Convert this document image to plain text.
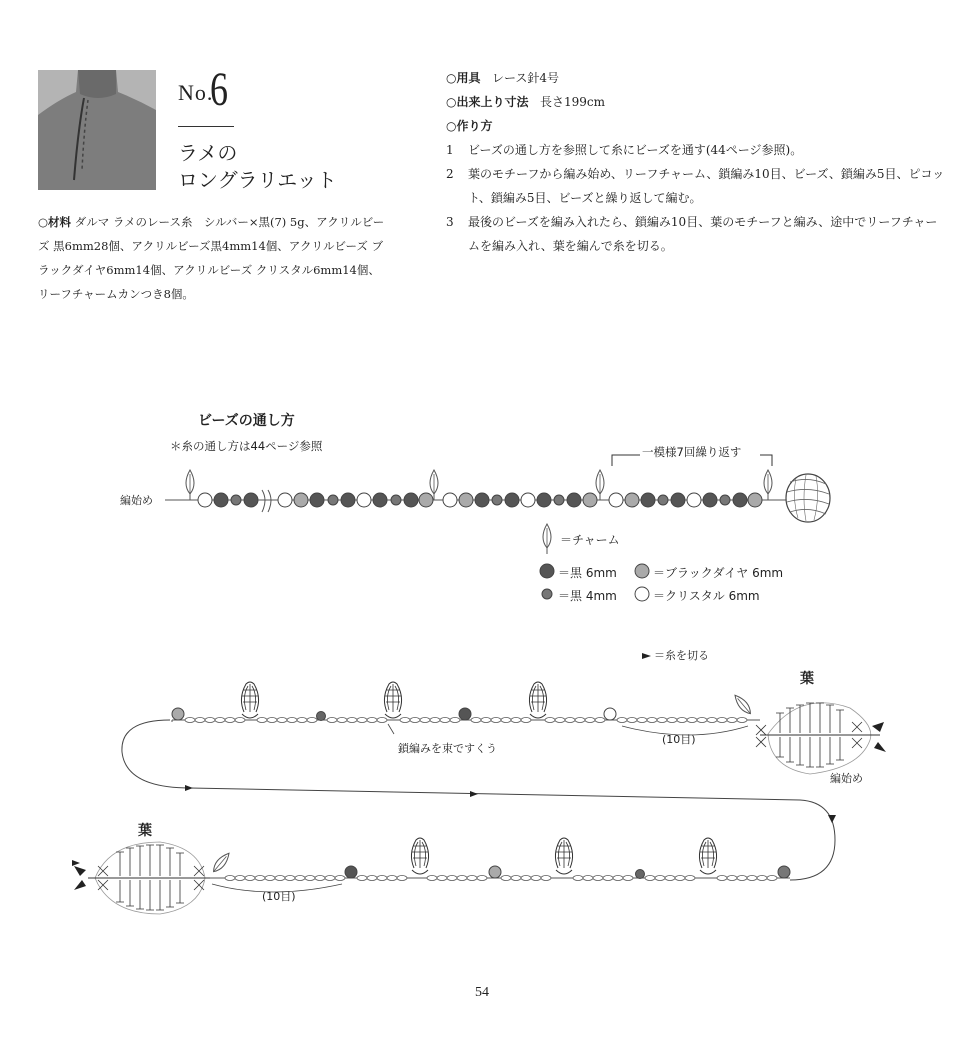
No.
6
ラメの
ロングラリエット
○材料 ダルマ ラメのレース糸　シルバー×黒(7) 5g、アクリルビーズ 黒6mm28個、アクリルビーズ黒4mm14個、アクリルビーズ ブラックダイヤ6mm14個、アクリルビーズ クリスタル6mm14個、リーフチャームカンつき8個。
○用具 レース針4号
○出来上り寸法 長さ199cm
○作り方
1	ビーズの通し方を参照して糸にビーズを通す(44ページ参照)。
2	葉のモチーフから編み始め、リーフチャーム、鎖編み10目、ビーズ、鎖編み5目、ピコット、鎖編み5目、ビーズと繰り返して編む。
3	最後のビーズを編み入れたら、鎖編み10目、葉のモチーフと編み、途中でリーフチャームを編み入れ、葉を編んで糸を切る。
ビーズの通し方
＊糸の通し方は44ページ参照
編始め
一模様7回繰り返す
＝チャーム
＝黒 6mm
＝黒 4mm
＝ブラックダイヤ 6mm
＝クリスタル 6mm
＝糸を切る
葉
葉
鎖編みを束ですくう
(10目)
(10目)
編始め
54
